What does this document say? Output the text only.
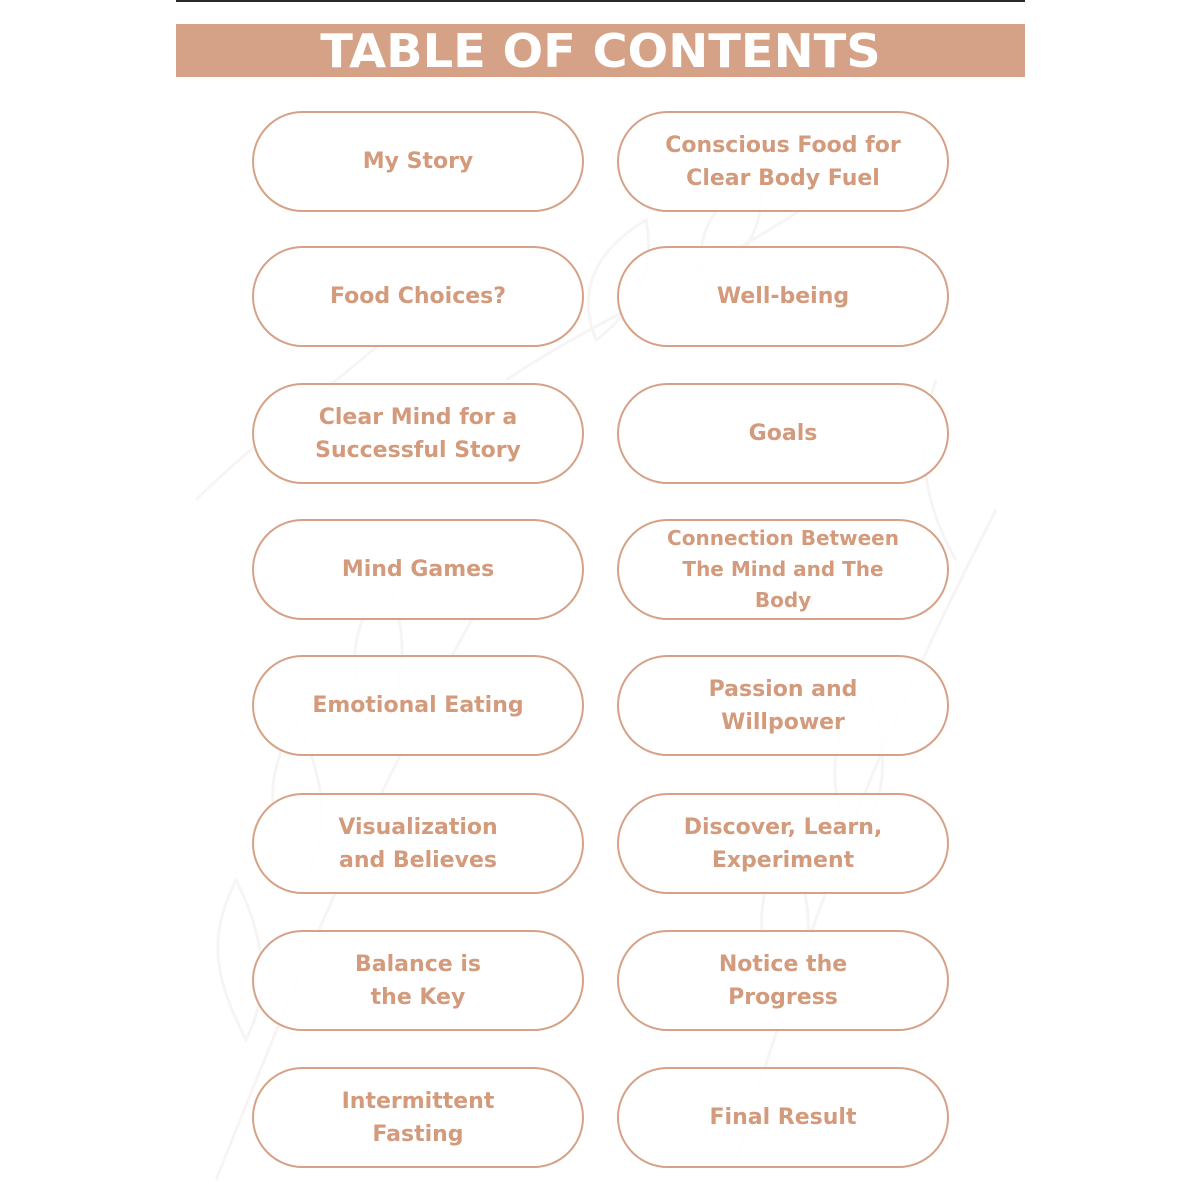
TABLE OF CONTENTS
My Story
Conscious Food for
Clear Body Fuel
Food Choices?	Well-being
Clear Mind for a
Successful Story
Goals
Mind Games
Connection Between
The Mind and The Body
Emotional Eating
Passion and
Willpower
Visualization
and Believes
Discover, Learn,
Experiment
Balance is
the Key
Notice the
Progress
Intermittent
Fasting
Final Result
